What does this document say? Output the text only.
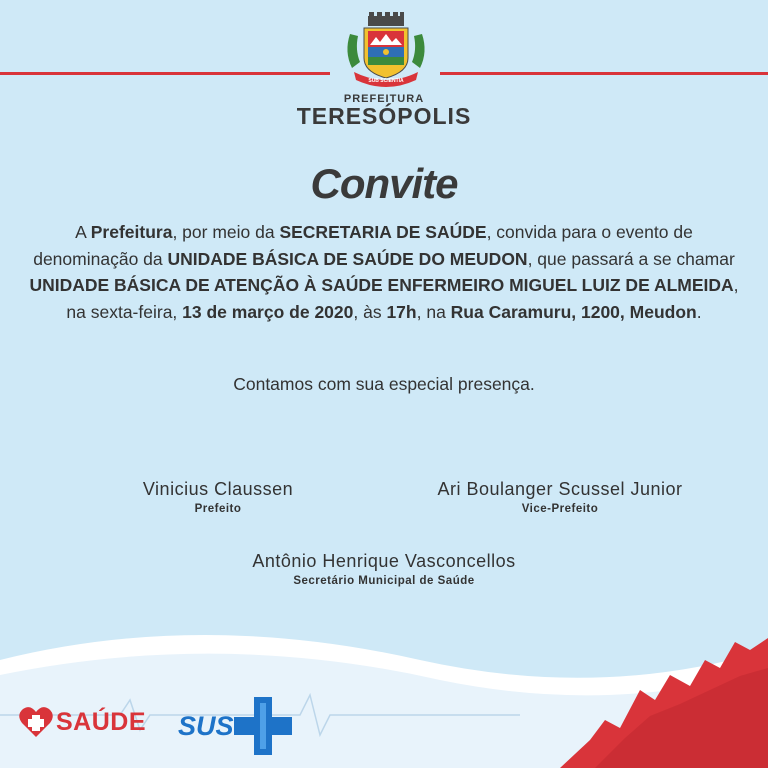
SUB SCIENTIA
PREFEITURA
TERESÓPOLIS
Convite
A Prefeitura, por meio da SECRETARIA DE SAÚDE, convida para o evento de denominação da UNIDADE BÁSICA DE SAÚDE DO MEUDON, que passará a se chamar UNIDADE BÁSICA DE ATENÇÃO À SAÚDE ENFERMEIRO MIGUEL LUIZ DE ALMEIDA, na sexta-feira, 13 de março de 2020, às 17h, na Rua Caramuru, 1200, Meudon.
Contamos com sua especial presença.
Vinicius Claussen
Prefeito
Ari Boulanger Scussel Junior
Vice-Prefeito
Antônio Henrique Vasconcellos
Secretário Municipal de Saúde
SAÚDE SUS
